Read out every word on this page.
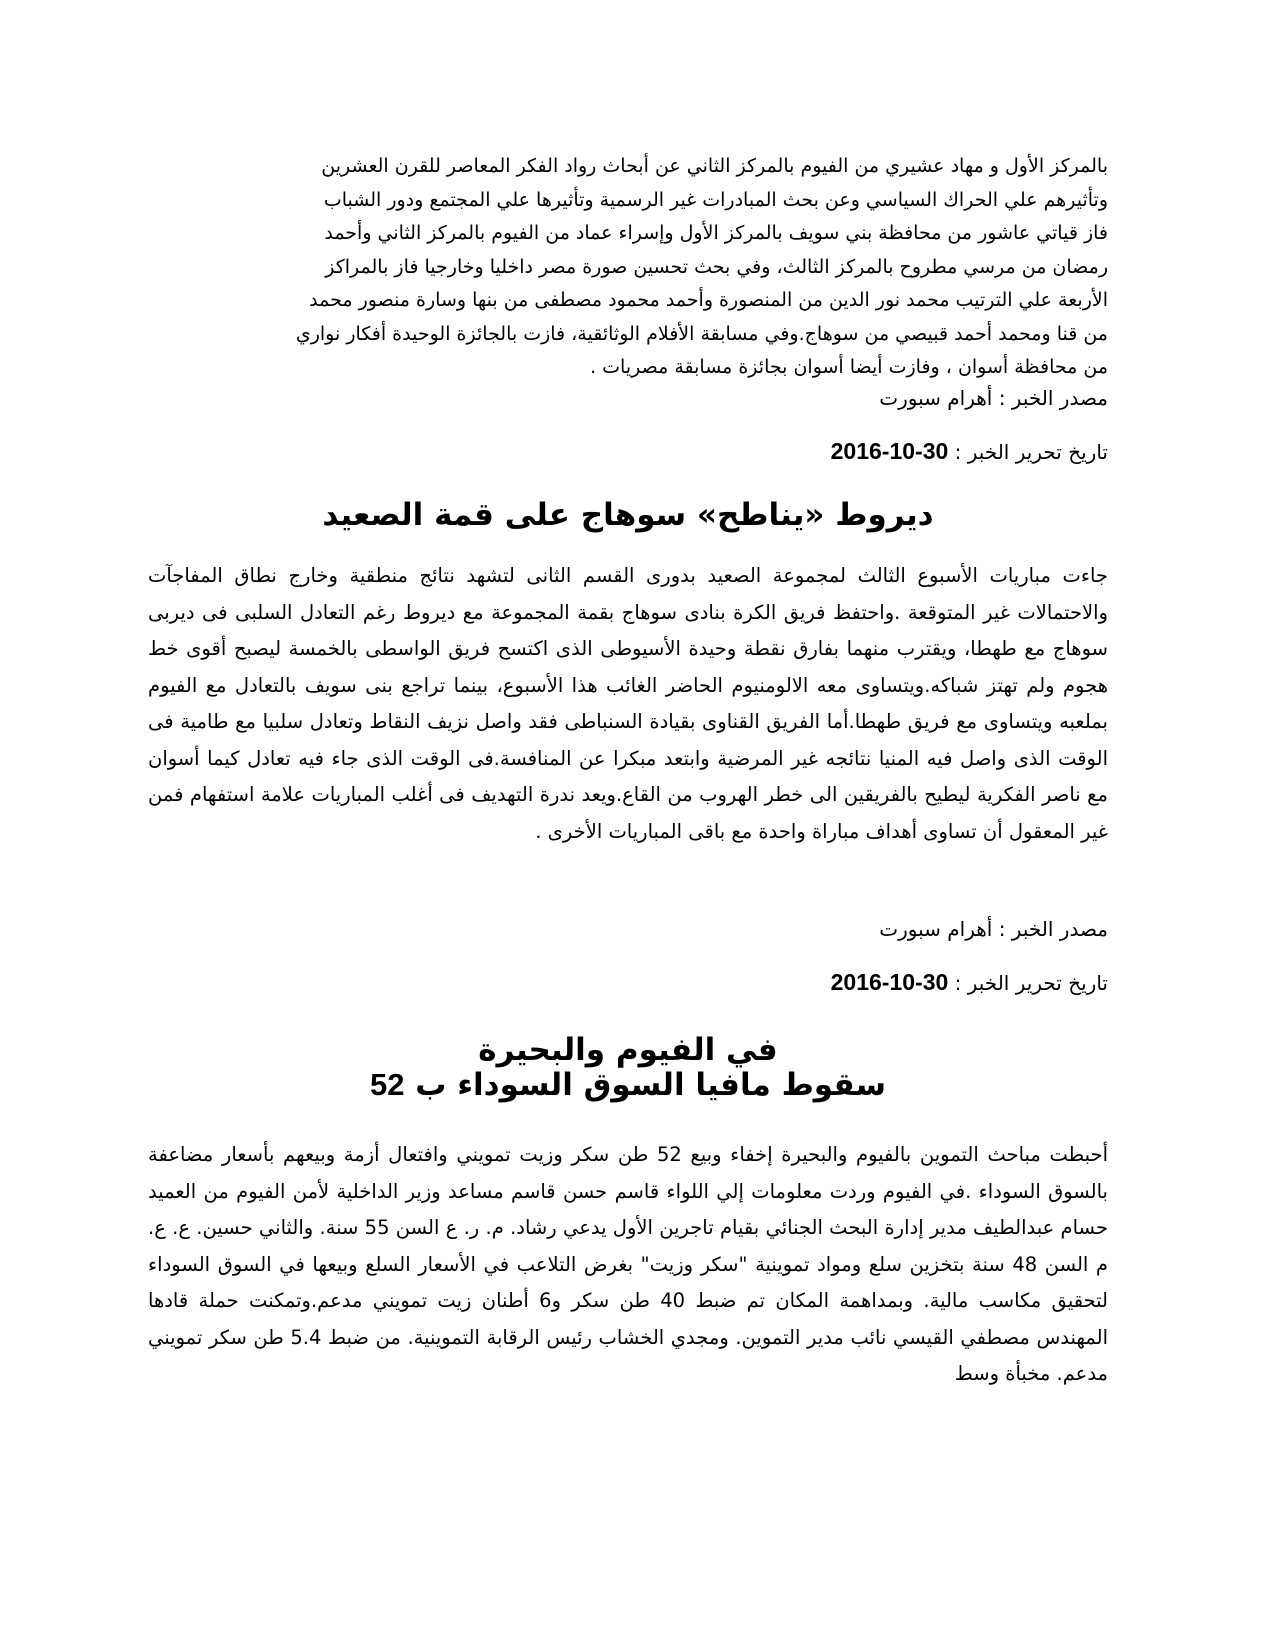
بالمركز الأول و مهاد عشيري من الفيوم بالمركز الثاني عن أبحاث رواد الفكر المعاصر للقرن العشرين

وتأثيرهم علي الحراك السياسي وعن بحث المبادرات غير الرسمية وتأثيرها علي المجتمع ودور الشباب

فاز قياتي عاشور من محافظة بني سويف بالمركز الأول وإسراء عماد من الفيوم بالمركز الثاني وأحمد

رمضان من مرسي مطروح بالمركز الثالث، وفي بحث تحسين صورة مصر داخليا وخارجيا فاز بالمراكز

الأربعة علي الترتيب محمد نور الدين من المنصورة وأحمد محمود مصطفى من بنها وسارة منصور محمد

من قنا ومحمد أحمد قبيصي من سوهاج.وفي مسابقة الأفلام الوثائقية، فازت بالجائزة الوحيدة أفكار نواري

من محافظة أسوان ، وفازت أيضا أسوان بجائزة مسابقة مصريات .

مصدر الخبر : أهرام سبورت
تاريخ تحرير الخبر : 2016-10-30
ديروط «يناطح» سوهاج على قمة الصعيد

جاءت مباريات الأسبوع الثالث لمجموعة الصعيد بدورى القسم الثانى لتشهد نتائج منطقية وخارج نطاق المفاجآت والاحتمالات غير المتوقعة .واحتفظ فريق الكرة بنادى سوهاج بقمة المجموعة مع ديروط رغم التعادل السلبى فى ديربى سوهاج مع طهطا، ويقترب منهما بفارق نقطة وحيدة الأسيوطى الذى اكتسح فريق الواسطى بالخمسة ليصبح أقوى خط هجوم ولم تهتز شباكه.ويتساوى معه الالومنيوم الحاضر الغائب هذا الأسبوع، بينما تراجع بنى سويف بالتعادل مع الفيوم بملعبه ويتساوى مع فريق طهطا.أما الفريق القناوى بقيادة السنباطى فقد واصل نزيف النقاط وتعادل سلبيا مع طامية فى الوقت الذى واصل فيه المنيا نتائجه غير المرضية وابتعد مبكرا عن المنافسة.فى الوقت الذى جاء فيه تعادل كيما أسوان مع ناصر الفكرية ليطيح بالفريقين الى خطر الهروب من القاع.ويعد ندرة التهديف فى أغلب المباريات علامة استفهام فمن غير المعقول أن تساوى أهداف مباراة واحدة مع باقى المباريات الأخرى .

مصدر الخبر : أهرام سبورت
تاريخ تحرير الخبر : 2016-10-30
في الفيوم والبحيرة
سقوط مافيا السوق السوداء ب 52

أحبطت مباحث التموين بالفيوم والبحيرة إخفاء وبيع 52 طن سكر وزيت تمويني وافتعال أزمة وبيعهم بأسعار مضاعفة بالسوق السوداء .في الفيوم وردت معلومات إلي اللواء قاسم حسن قاسم مساعد وزير الداخلية لأمن الفيوم من العميد حسام عبدالطيف مدير إدارة البحث الجنائي بقيام تاجرين الأول يدعي رشاد. م. ر. ع السن 55 سنة. والثاني حسين. ع. ع. م السن 48 سنة بتخزين سلع ومواد تموينية "سكر وزيت" بغرض التلاعب في الأسعار السلع وبيعها في السوق السوداء لتحقيق مكاسب مالية. وبمداهمة المكان تم ضبط 40 طن سكر و6 أطنان زيت تمويني مدعم.وتمكنت حملة قادها المهندس مصطفي القيسي نائب مدير التموين. ومجدي الخشاب رئيس الرقابة التموينية. من ضبط 5.4 طن سكر تمويني مدعم. مخبأة وسط
